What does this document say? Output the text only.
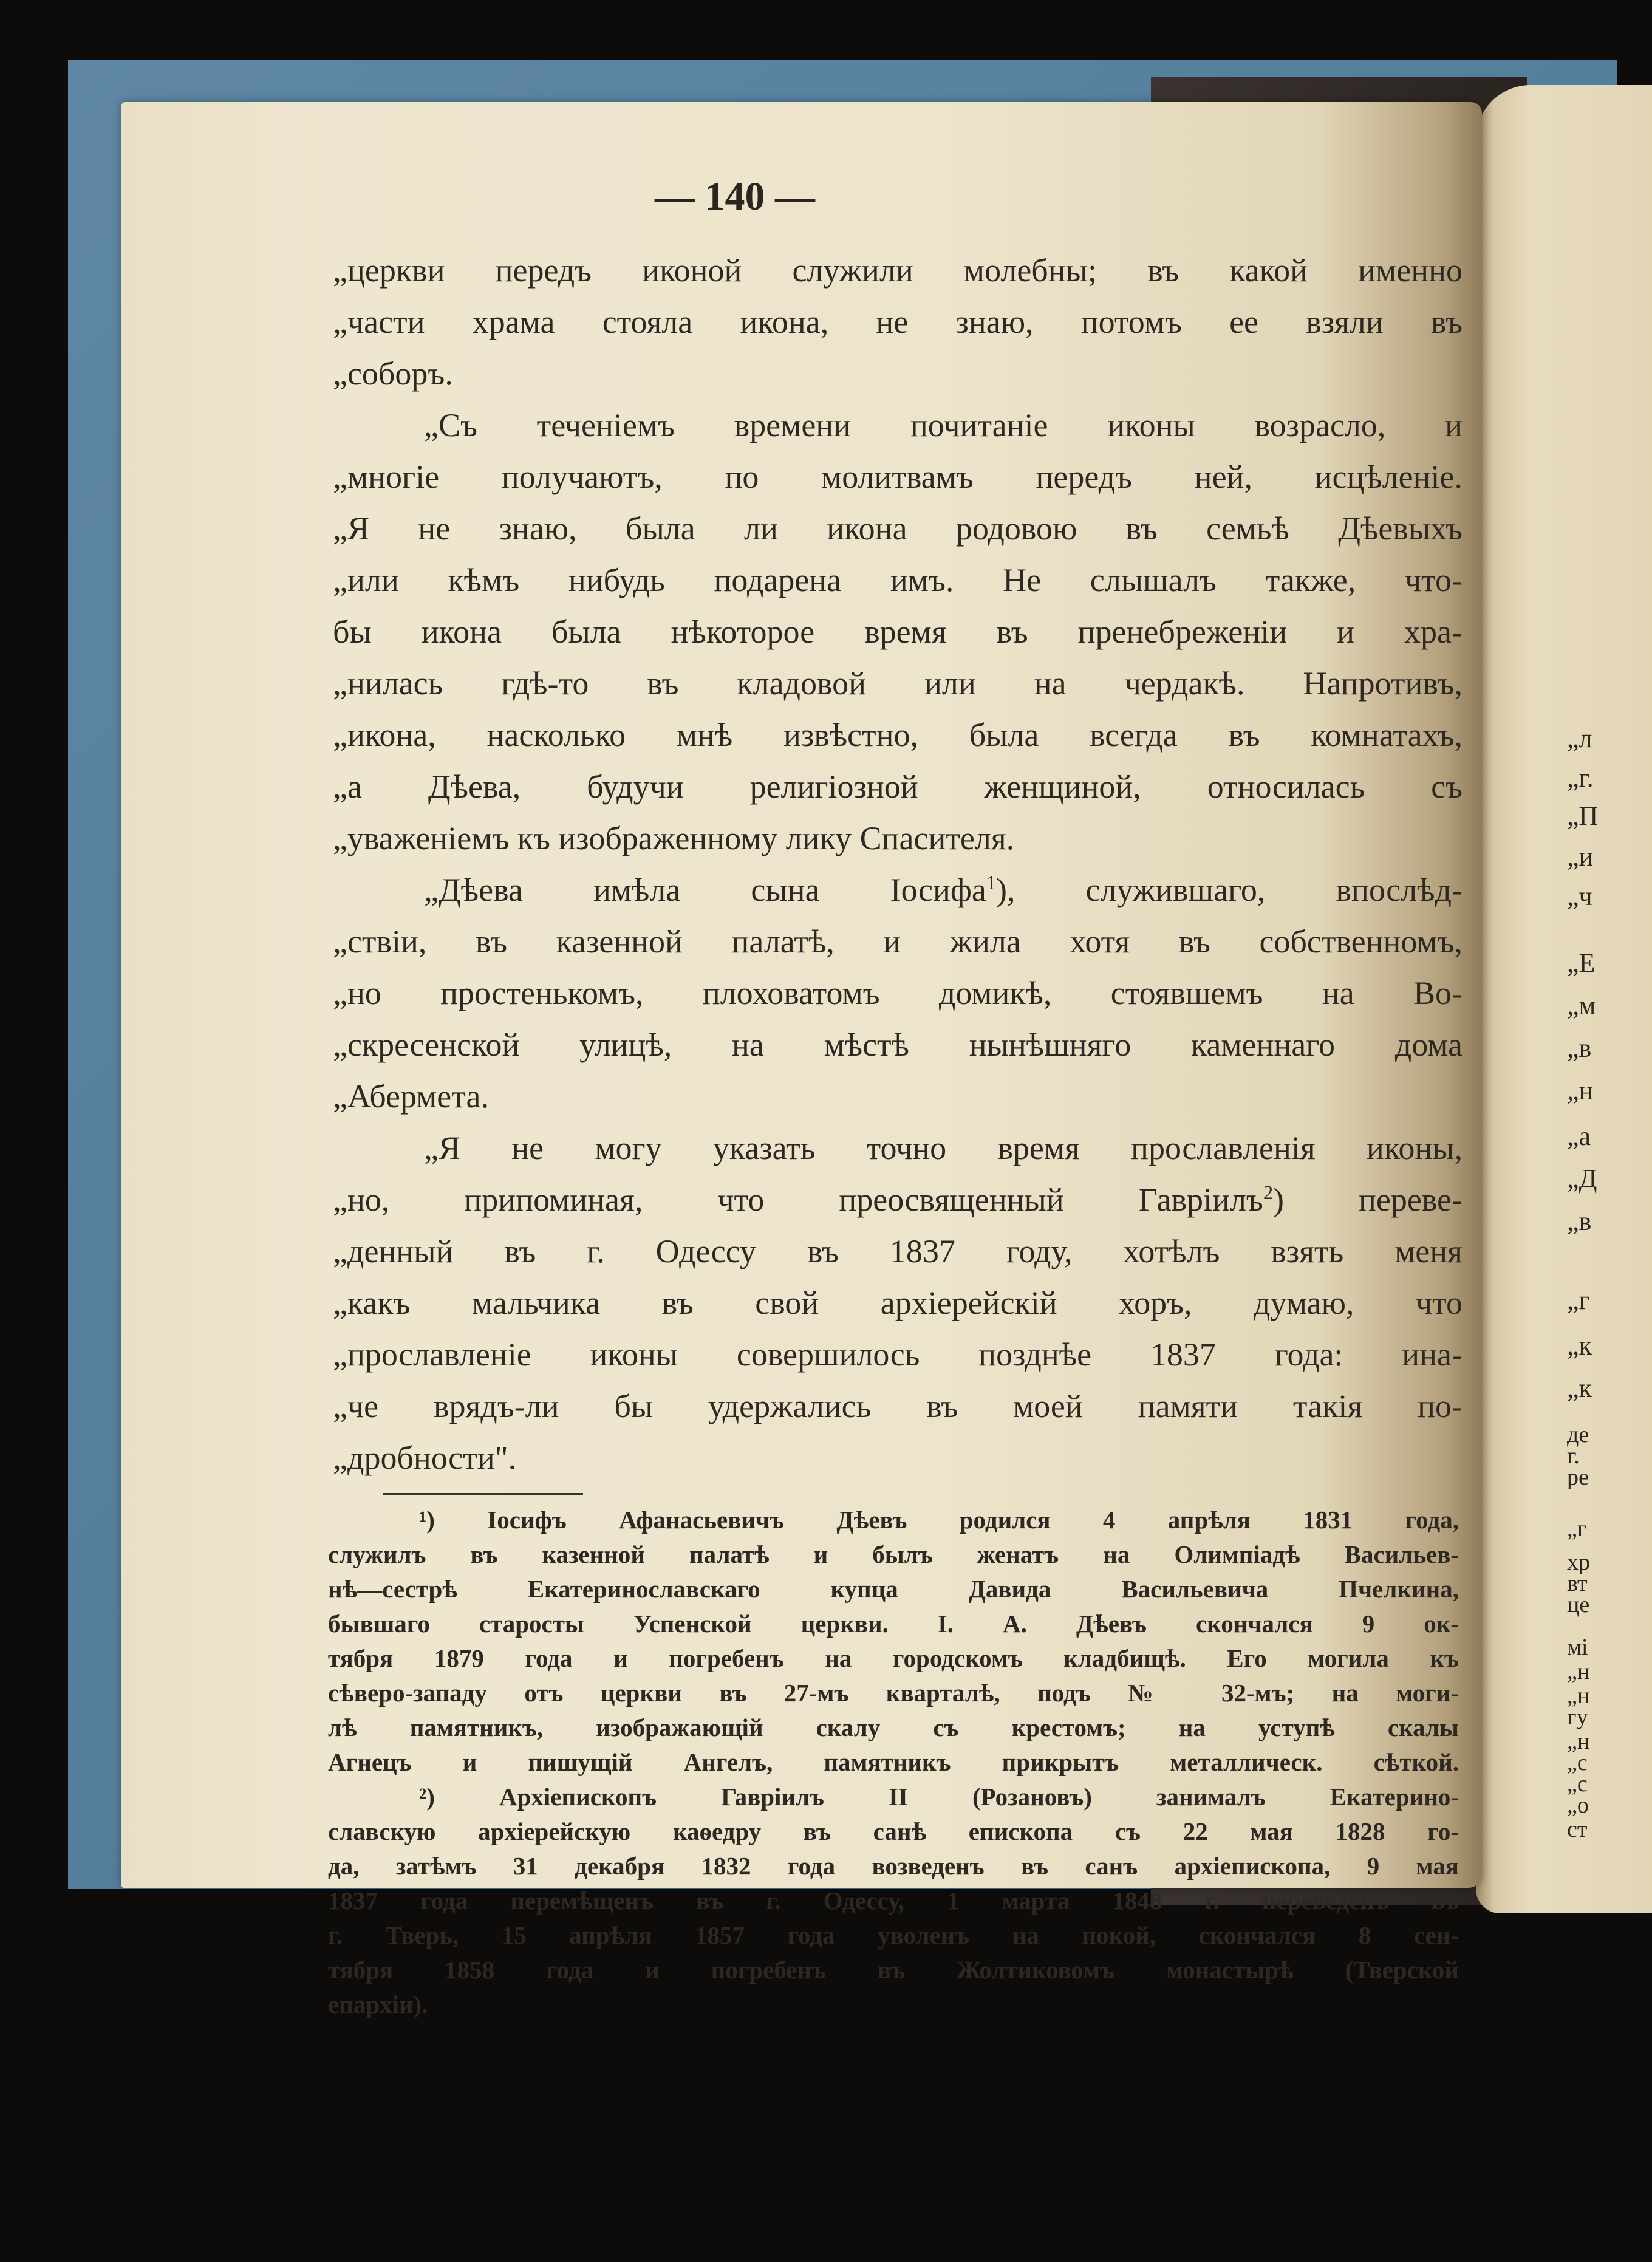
„л
„г.
„П
„и
„ч
„Е
„м
„в
„н
„а
„Д
„в
„г
„к
„к
де
г.
ре
„г
хр
вт
це
мі
„н
„н
гу
„н
„с
„с
„о
ст
— 140 —
„церкви передъ иконой служили молебны; въ какой именно
„части храма стояла икона, не знаю, потомъ ее взяли въ
„соборъ.
„Съ теченіемъ времени почитаніе иконы возрасло, и
„многіе получаютъ, по молитвамъ передъ ней, исцѣленіе.
„Я не знаю, была ли икона родовою въ семьѣ Дѣевыхъ
„или кѣмъ нибудь подарена имъ. Не слышалъ также, что-
бы икона была нѣкоторое время въ пренебреженіи и хра-
„нилась гдѣ-то въ кладовой или на чердакѣ. Напротивъ,
„икона, насколько мнѣ извѣстно, была всегда въ комнатахъ,
„а Дѣева, будучи религіозной женщиной, относилась съ
„уваженіемъ къ изображенному лику Спасителя.
„Дѣева имѣла сына Іосифа$^1$), служившаго, впослѣд-
„ствіи, въ казенной палатѣ, и жила хотя въ собственномъ,
„но простенькомъ, плоховатомъ домикѣ, стоявшемъ на Во-
„скресенской улицѣ, на мѣстѣ нынѣшняго каменнаго дома
„Абермета.
„Я не могу указать точно время прославленія иконы,
„но, припоминая, что преосвященный Гавріилъ$^2$) переве-
„денный въ г. Одессу въ 1837 году, хотѣлъ взять меня
„какъ мальчика въ свой архіерейскій хоръ, думаю, что
„прославленіе иконы совершилось позднѣе 1837 года: ина-
„че врядъ-ли бы удержались въ моей памяти такія по-
„дробности".
¹) Іосифъ Афанасьевичъ Дѣевъ родился 4 апрѣля 1831 года,
служилъ въ казенной палатѣ и былъ женатъ на Олимпіадѣ Васильев-
нѣ—сестрѣ Екатеринославскаго купца Давида Васильевича Пчелкина,
бывшаго старосты Успенской церкви. І. А. Дѣевъ скончался 9 ок-
тября 1879 года и погребенъ на городскомъ кладбищѣ. Его могила къ
сѣверо-западу отъ церкви въ 27-мъ кварталѣ, подъ № 32-мъ; на моги-
лѣ памятникъ, изображающій скалу съ крестомъ; на уступѣ скалы
Агнецъ и пишущій Ангелъ, памятникъ прикрытъ металлическ. сѣткой.
²) Архіепископъ Гавріилъ II (Розановъ) занималъ Екатерино-
славскую архіерейскую каѳедру въ санѣ епископа съ 22 мая 1828 го-
да, затѣмъ 31 декабря 1832 года возведенъ въ санъ архіепископа, 9 мая
1837 года перемѣщенъ въ г. Одессу, 1 марта 1848 г. переведенъ въ
г. Тверь, 15 апрѣля 1857 года уволенъ на покой, скончался 8 сен-
тября 1858 года и погребенъ въ Жолтиковомъ монастырѣ (Тверской
епархіи).
